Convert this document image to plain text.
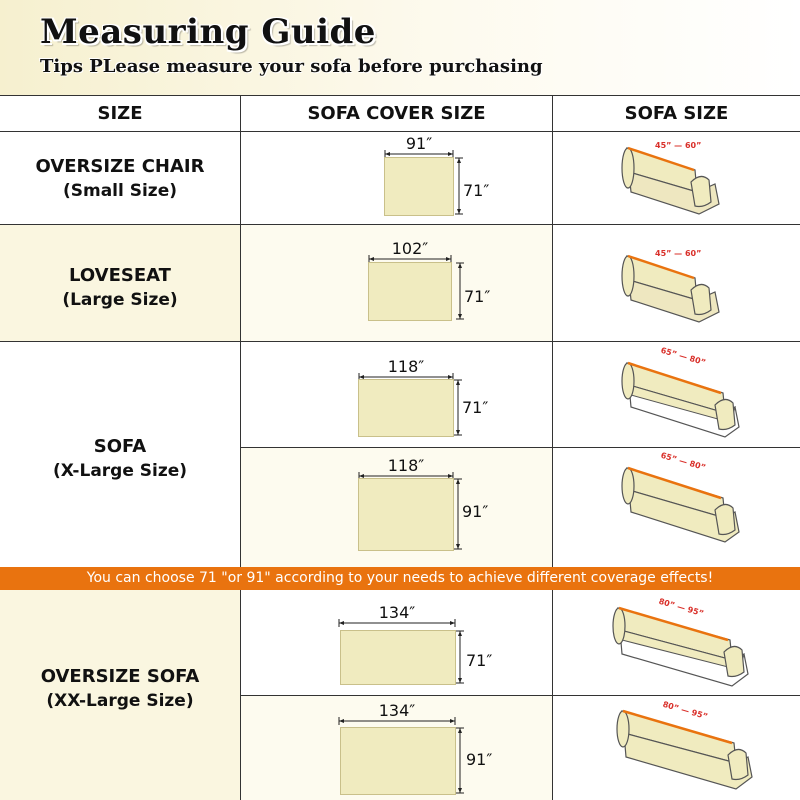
Measuring Guide
Tips PLease measure your sofa before purchasing
SIZE	SOFA COVER SIZE	SOFA SIZE
OVERSIZE CHAIR
(Small Size)
LOVESEAT
(Large Size)
SOFA
(X-Large Size)
OVERSIZE SOFA
(XX-Large Size)
You can choose 71 "or 91" according to your needs to achieve different coverage effects!
91″
71″
102″
71″
118″
71″
118″
91″
134″
71″
134″
91″
45” — 60”
45” — 60”
65” — 80”
65” — 80”
80” — 95”
80” — 95”
